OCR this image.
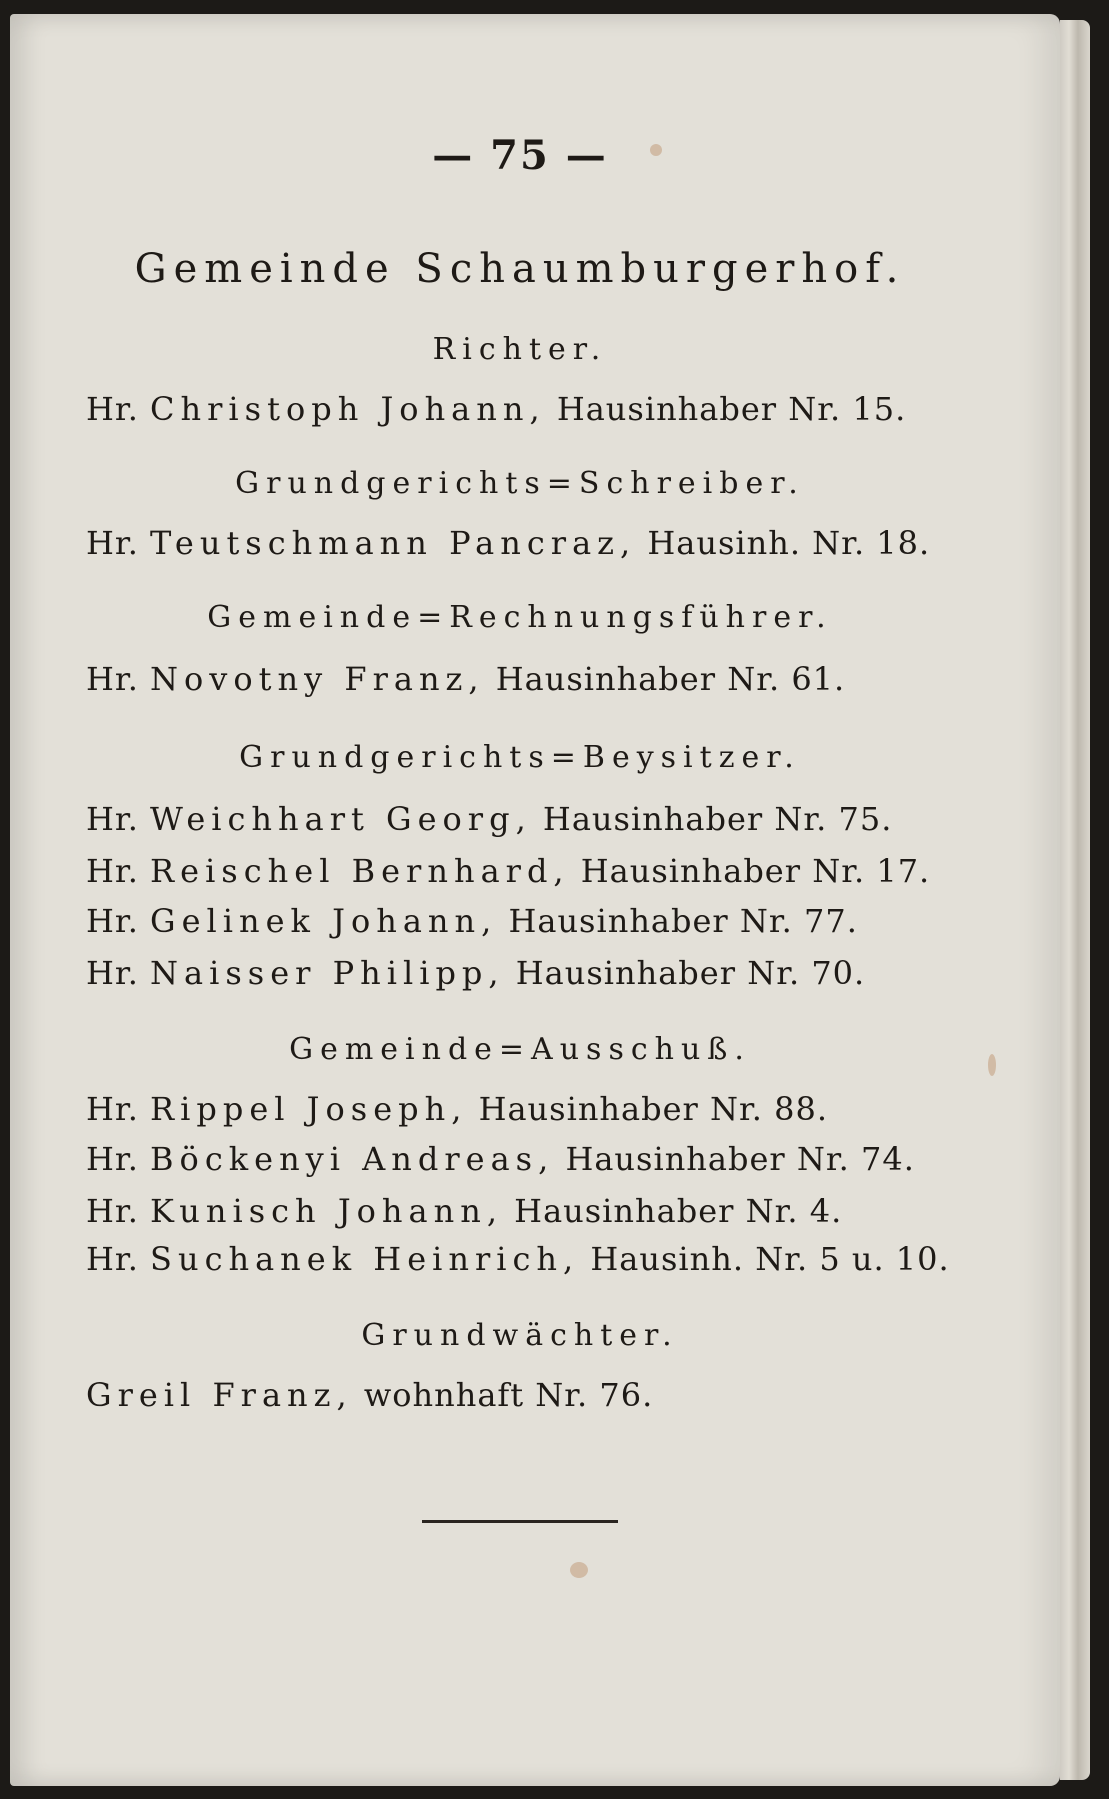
— 75 —
Gemeinde Schaumburgerhof.
Richter.
Hr. Christoph Johann, Hausinhaber Nr. 15.
Grundgerichts=Schreiber.
Hr. Teutschmann Pancraz, Hausinh. Nr. 18.
Gemeinde=Rechnungsführer.
Hr. Novotny Franz, Hausinhaber Nr. 61.
Grundgerichts=Beysitzer.
Hr. Weichhart Georg, Hausinhaber Nr. 75.
Hr. Reischel Bernhard, Hausinhaber Nr. 17.
Hr. Gelinek Johann, Hausinhaber Nr. 77.
Hr. Naisser Philipp, Hausinhaber Nr. 70.
Gemeinde=Ausschuß.
Hr. Rippel Joseph, Hausinhaber Nr. 88.
Hr. Böckenyi Andreas, Hausinhaber Nr. 74.
Hr. Kunisch Johann, Hausinhaber Nr. 4.
Hr. Suchanek Heinrich, Hausinh. Nr. 5 u. 10.
Grundwächter.
Greil Franz, wohnhaft Nr. 76.
